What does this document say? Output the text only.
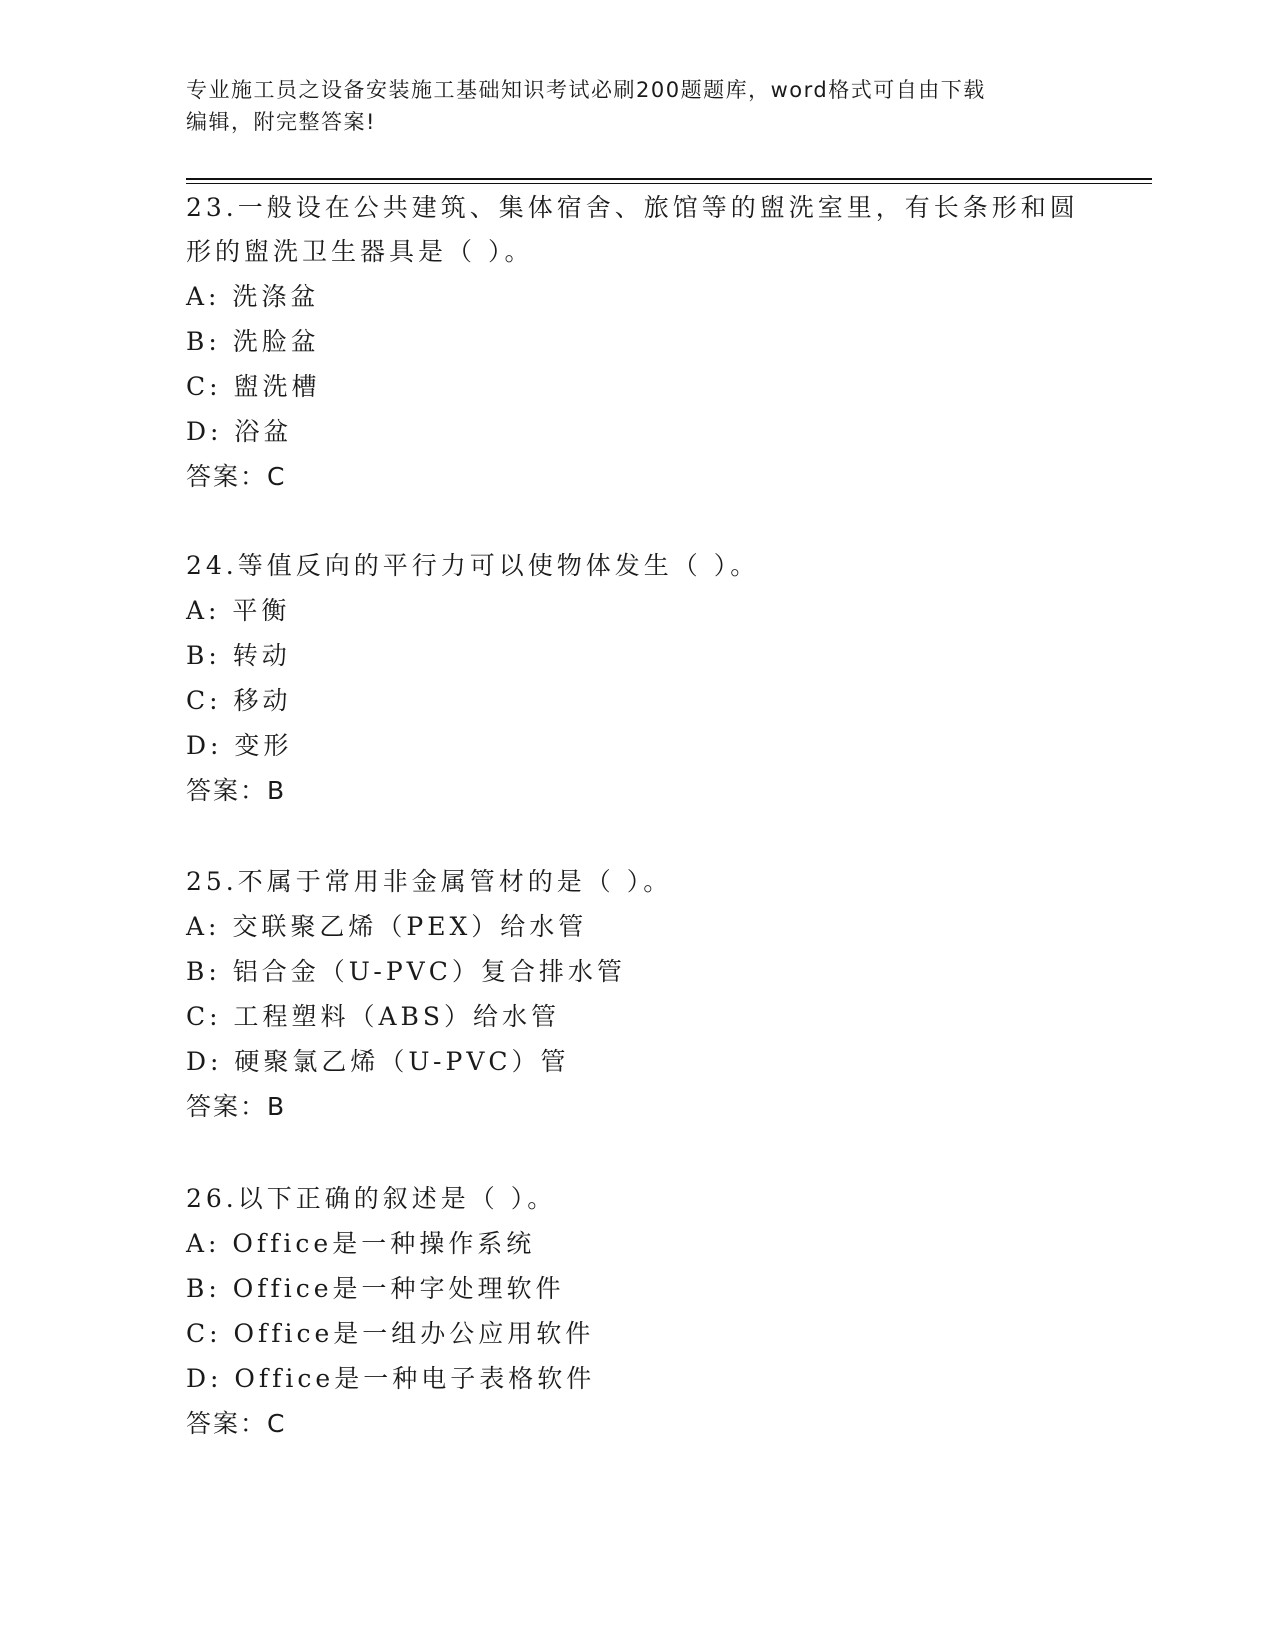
专业施工员之设备安装施工基础知识考试必刷200题题库，word格式可自由下载
编辑，附完整答案!
23.一般设在公共建筑、集体宿舍、旅馆等的盥洗室里，有长条形和圆
形的盥洗卫生器具是（ ）。
A: 洗涤盆
B: 洗脸盆
C: 盥洗槽
D: 浴盆
答案：C
24.等值反向的平行力可以使物体发生（ ）。
A: 平衡
B: 转动
C: 移动
D: 变形
答案：B
25.不属于常用非金属管材的是（ ）。
A: 交联聚乙烯（PEX）给水管
B: 铝合金（U-PVC）复合排水管
C: 工程塑料（ABS）给水管
D: 硬聚氯乙烯（U-PVC）管
答案：B
26.以下正确的叙述是（ ）。
A: Office是一种操作系统
B: Office是一种字处理软件
C: Office是一组办公应用软件
D: Office是一种电子表格软件
答案：C
